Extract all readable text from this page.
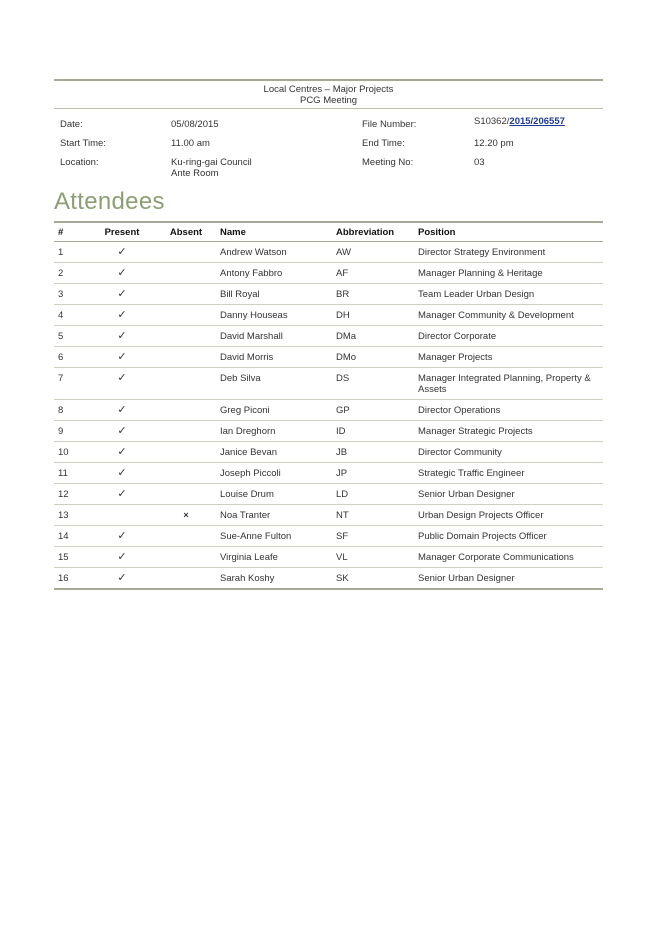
Local Centres – Major Projects
PCG Meeting
Date:	05/08/2015
Start Time:	11.00 am
Location:	Ku-ring-gai Council
Ante Room
File Number:	S10362/2015/206557
End Time:	12.20 pm
Meeting No:	03
Attendees
#	Present	Absent	Name	Abbreviation	Position
1	✓		Andrew Watson	AW	Director Strategy Environment
2	✓		Antony Fabbro	AF	Manager Planning & Heritage
3	✓		Bill Royal	BR	Team Leader Urban Design
4	✓		Danny Houseas	DH	Manager Community & Development
5	✓		David Marshall	DMa	Director Corporate
6	✓		David Morris	DMo	Manager Projects
7	✓		Deb Silva	DS	Manager Integrated Planning, Property & Assets
8	✓		Greg Piconi	GP	Director Operations
9	✓		Ian Dreghorn	ID	Manager Strategic Projects
10	✓		Janice Bevan	JB	Director Community
11	✓		Joseph Piccoli	JP	Strategic Traffic Engineer
12	✓		Louise Drum	LD	Senior Urban Designer
13		×	Noa Tranter	NT	Urban Design Projects Officer
14	✓		Sue-Anne Fulton	SF	Public Domain Projects Officer
15	✓		Virginia Leafe	VL	Manager Corporate Communications
16	✓		Sarah Koshy	SK	Senior Urban Designer
